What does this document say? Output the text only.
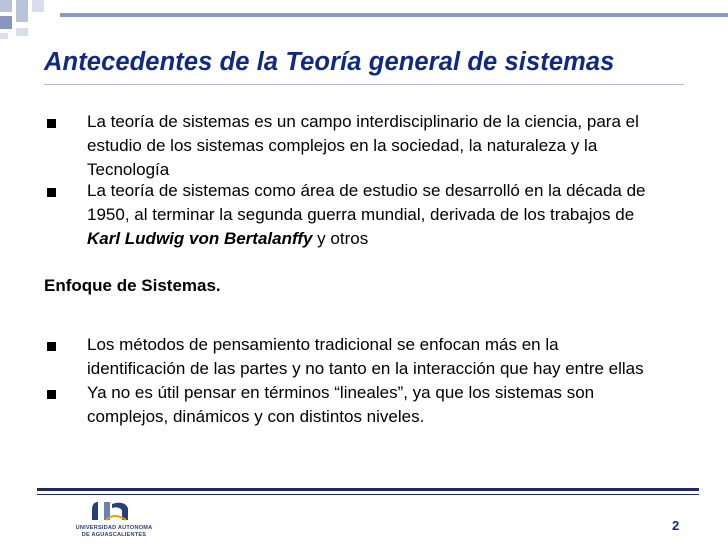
Antecedentes de la Teoría general de sistemas
La teoría de sistemas es un campo interdisciplinario de la ciencia, para el
estudio de los sistemas complejos en la sociedad, la naturaleza y la
Tecnología
La teoría de sistemas como área de estudio se desarrolló en la década de
1950, al terminar la segunda guerra mundial, derivada de los trabajos de
Karl Ludwig von Bertalanffy y otros
Enfoque de Sistemas.
Los métodos de pensamiento tradicional se enfocan más en la
identificación de las partes y no tanto en la interacción que hay entre ellas
Ya no es útil pensar en términos “lineales”, ya que los sistemas son
complejos, dinámicos y con distintos niveles.
UNIVERSIDAD AUTONOMA
DE AGUASCALIENTES
2
